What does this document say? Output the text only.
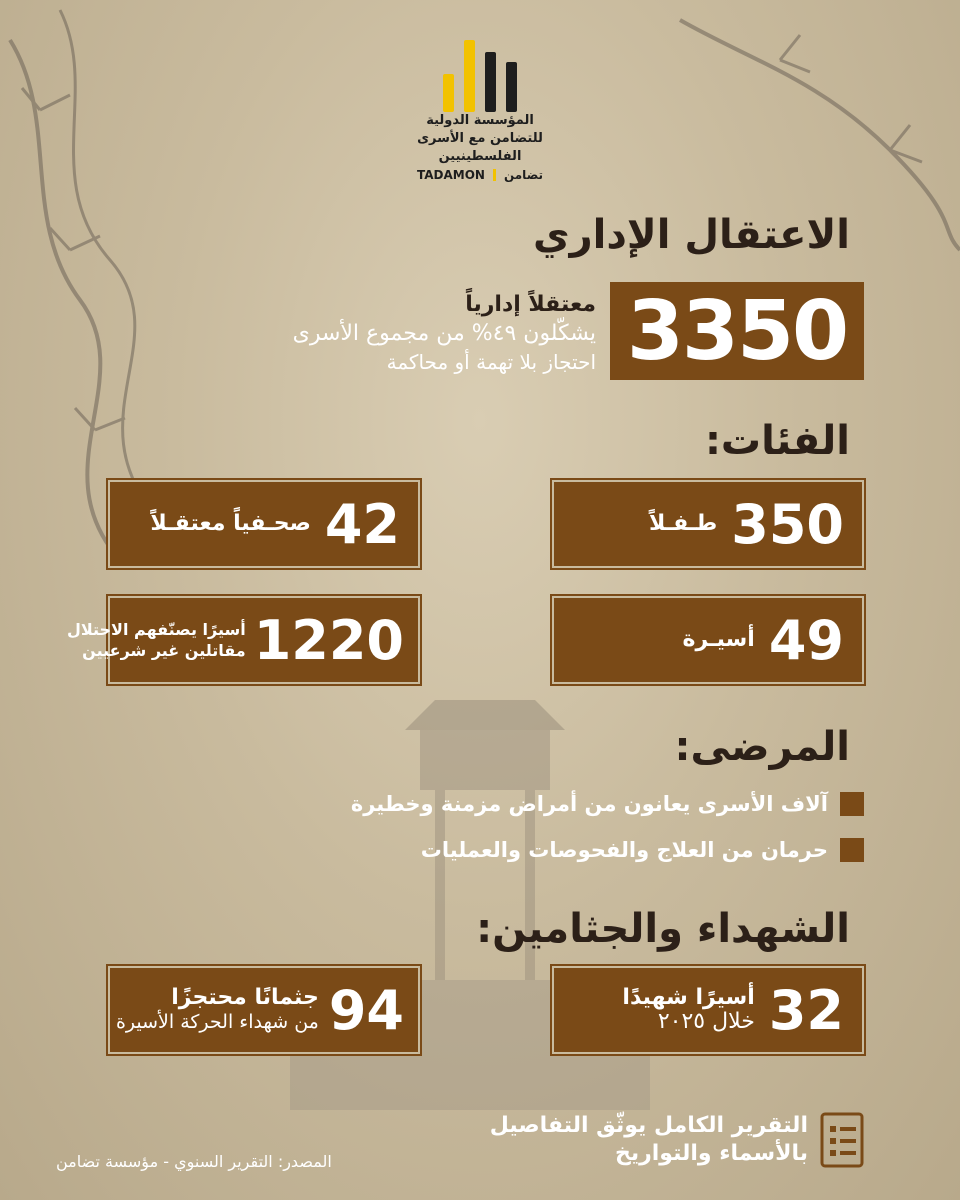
المؤسسة الدولية
للتضامن مع الأسرى الفلسطينيين
TADAMON تضامن
الاعتقال الإداري
3350
معتقلاً إدارياً
يشكّلون ٤٩% من مجموع الأسرى
احتجاز بلا تهمة أو محاكمة
الفئات:
350
طـفـلاً
42
صحـفياً معتقـلاً
49
أسيـرة
1220
أسيرًا يصنّفهم الاحتلال
مقاتلين غير شرعيين
المرضى:
آلاف الأسرى يعانون من أمراض مزمنة وخطيرة
حرمان من العلاج والفحوصات والعمليات
الشهداء والجثامين:
32
أسيرًا شهيدًا
خلال ٢٠٢٥
94
جثمانًا محتجزًا
من شهداء الحركة الأسيرة
التقرير الكامل يوثّق التفاصيل
بالأسماء والتواريخ
المصدر: التقرير السنوي - مؤسسة تضامن
